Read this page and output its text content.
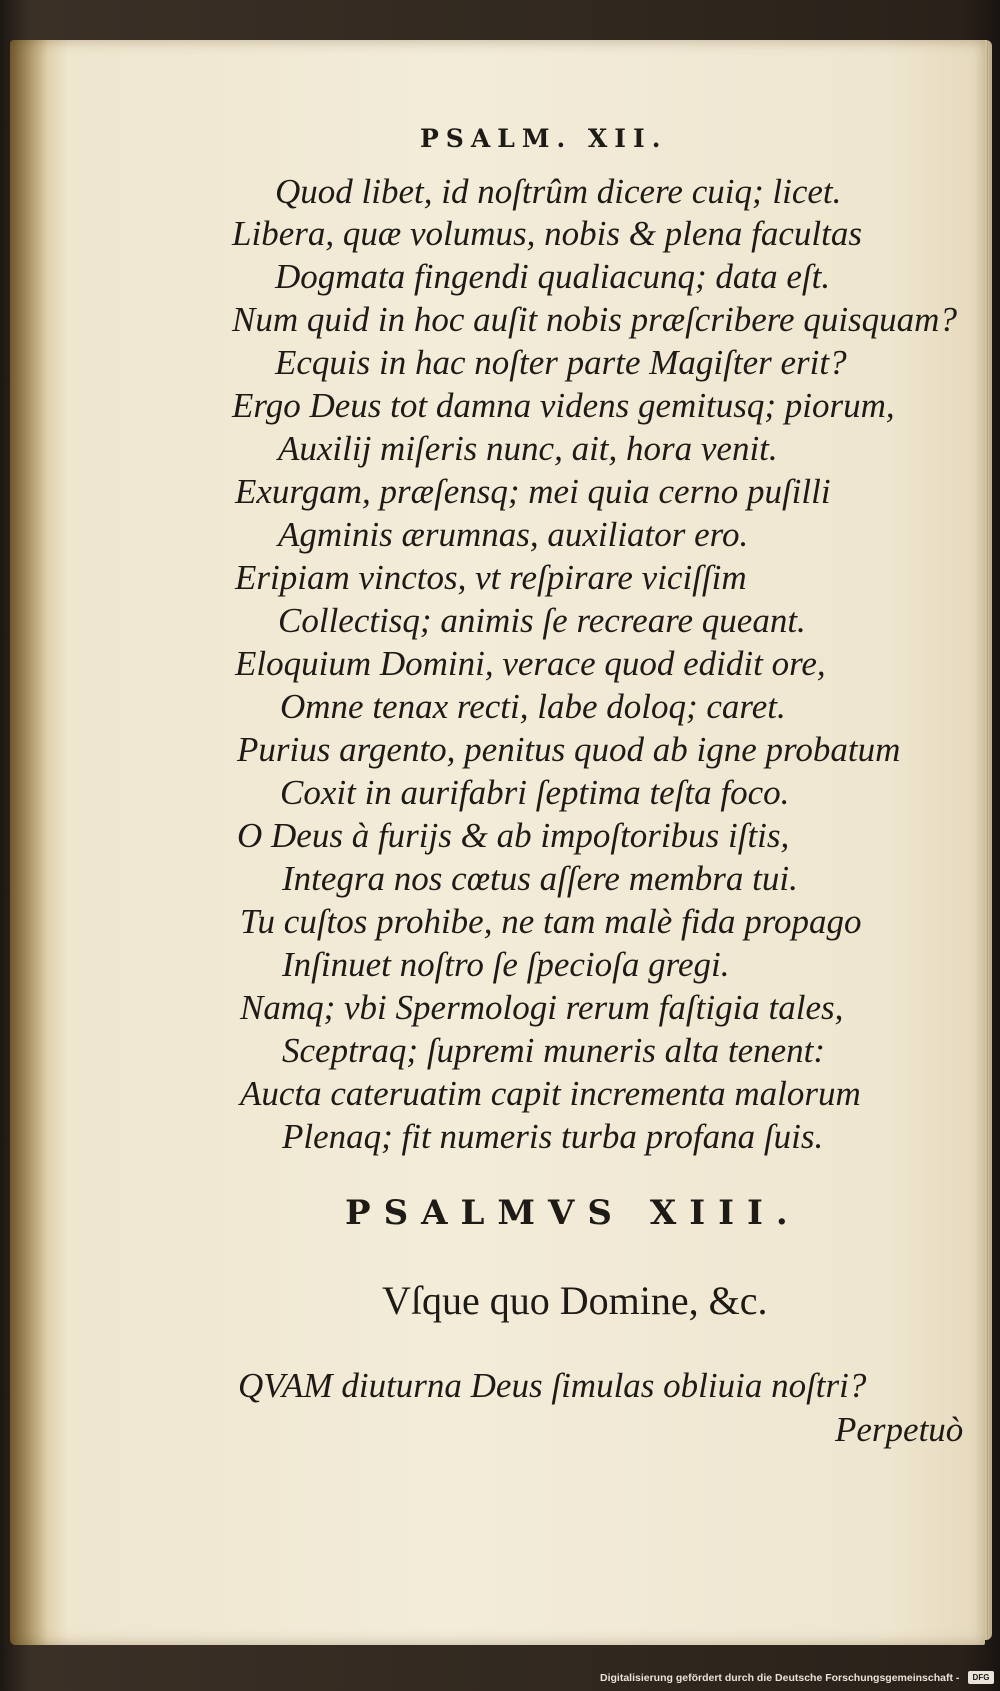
PSALM. XII.
Quod libet, id noſtrûm dicere cuiq; licet.
Libera, quæ volumus, nobis & plena facultas
Dogmata fingendi qualiacunq; data eſt.
Num quid in hoc auſit nobis præſcribere quisquam?
Ecquis in hac noſter parte Magiſter erit?
Ergo Deus tot damna videns gemitusq; piorum,
Auxilij miſeris nunc, ait, hora venit.
Exurgam, præſensq; mei quia cerno puſilli
Agminis ærumnas, auxiliator ero.
Eripiam vinctos, vt reſpirare viciſſim
Collectisq; animis ſe recreare queant.
Eloquium Domini, verace quod edidit ore,
Omne tenax recti, labe doloq; caret.
Purius argento, penitus quod ab igne probatum
Coxit in aurifabri ſeptima teſta foco.
O Deus à furijs & ab impoſtoribus iſtis,
Integra nos cœtus aſſere membra tui.
Tu cuſtos prohibe, ne tam malè fida propago
Inſinuet noſtro ſe ſpecioſa gregi.
Namq; vbi Spermologi rerum faſtigia tales,
Sceptraq; ſupremi muneris alta tenent:
Aucta cateruatim capit incrementa malorum
Plenaq; fit numeris turba profana ſuis.
PSALMVS XIII.
Vſque quo Domine, &c.
QVAM diuturna Deus ſimulas obliuia noſtri?
Perpetuò
Digitalisierung gefördert durch die Deutsche Forschungsgemeinschaft -	DFG
